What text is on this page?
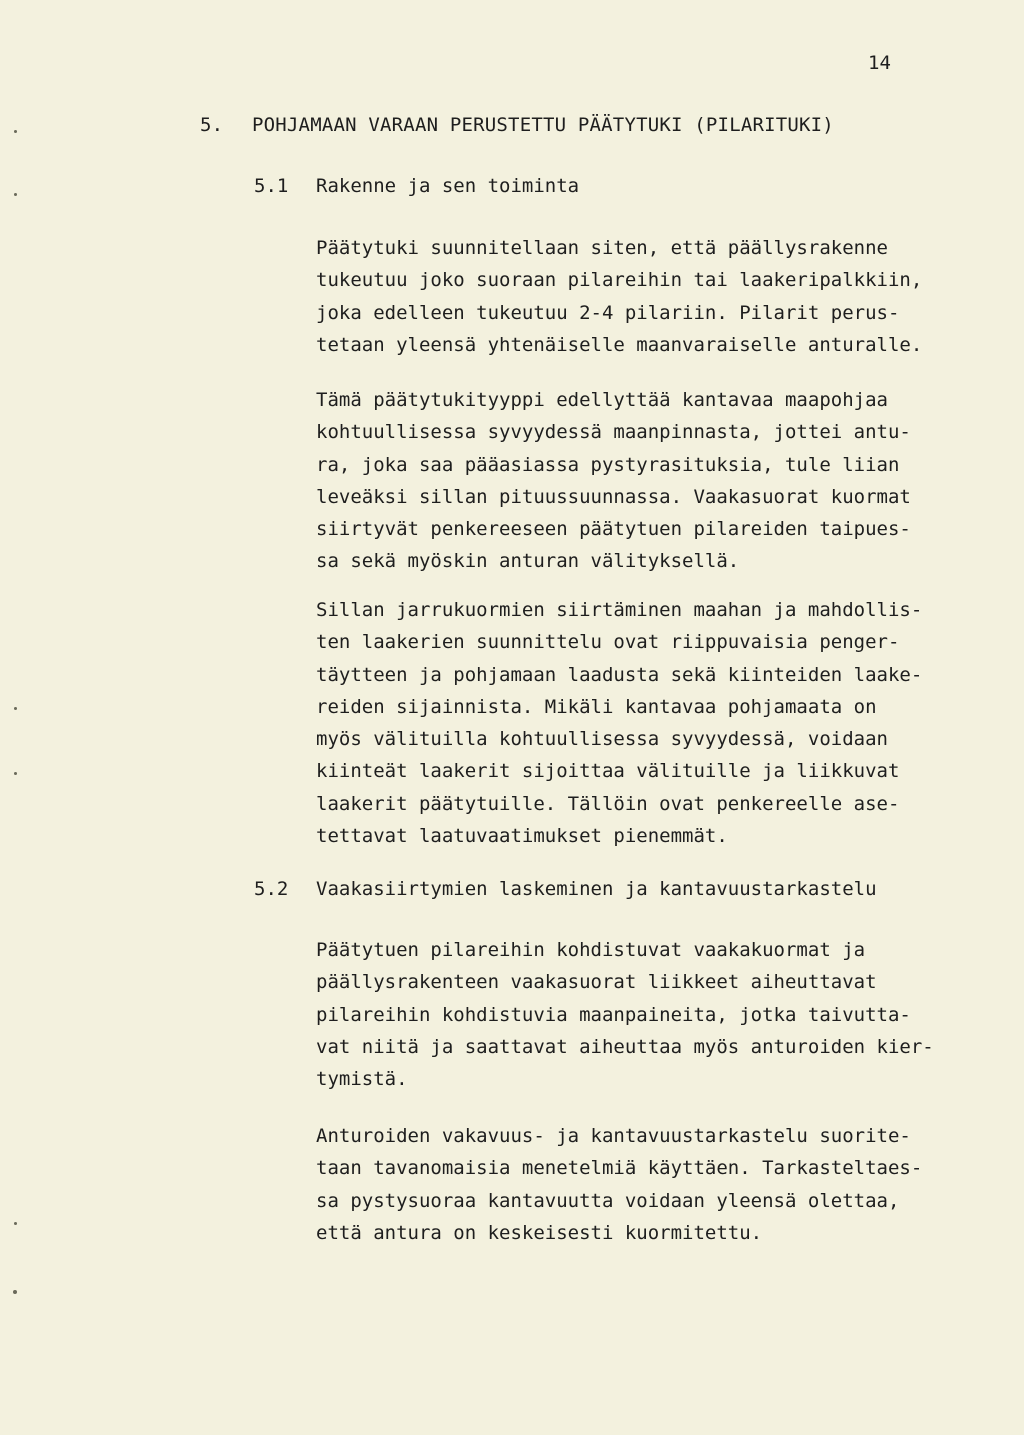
14
5. POHJAMAAN VARAAN PERUSTETTU PÄÄTYTUKI (PILARITUKI)
5.1 Rakenne ja sen toiminta

Päätytuki suunnitellaan siten, että päällysrakenne
tukeutuu joko suoraan pilareihin tai laakeripalkkiin,
joka edelleen tukeutuu 2-4 pilariin. Pilarit perus-
tetaan yleensä yhtenäiselle maanvaraiselle anturalle.

Tämä päätytukityyppi edellyttää kantavaa maapohjaa
kohtuullisessa syvyydessä maanpinnasta, jottei antu-
ra, joka saa pääasiassa pystyrasituksia, tule liian
leveäksi sillan pituussuunnassa. Vaakasuorat kuormat
siirtyvät penkereeseen päätytuen pilareiden taipues-
sa sekä myöskin anturan välityksellä.

Sillan jarrukuormien siirtäminen maahan ja mahdollis-
ten laakerien suunnittelu ovat riippuvaisia penger-
täytteen ja pohjamaan laadusta sekä kiinteiden laake-
reiden sijainnista. Mikäli kantavaa pohjamaata on
myös välituilla kohtuullisessa syvyydessä, voidaan
kiinteät laakerit sijoittaa välituille ja liikkuvat
laakerit päätytuille. Tällöin ovat penkereelle ase-
tettavat laatuvaatimukset pienemmät.

5.2 Vaakasiirtymien laskeminen ja kantavuustarkastelu

Päätytuen pilareihin kohdistuvat vaakakuormat ja
päällysrakenteen vaakasuorat liikkeet aiheuttavat
pilareihin kohdistuvia maanpaineita, jotka taivutta-
vat niitä ja saattavat aiheuttaa myös anturoiden kier-
tymistä.

Anturoiden vakavuus- ja kantavuustarkastelu suorite-
taan tavanomaisia menetelmiä käyttäen. Tarkasteltaes-
sa pystysuoraa kantavuutta voidaan yleensä olettaa,
että antura on keskeisesti kuormitettu.
